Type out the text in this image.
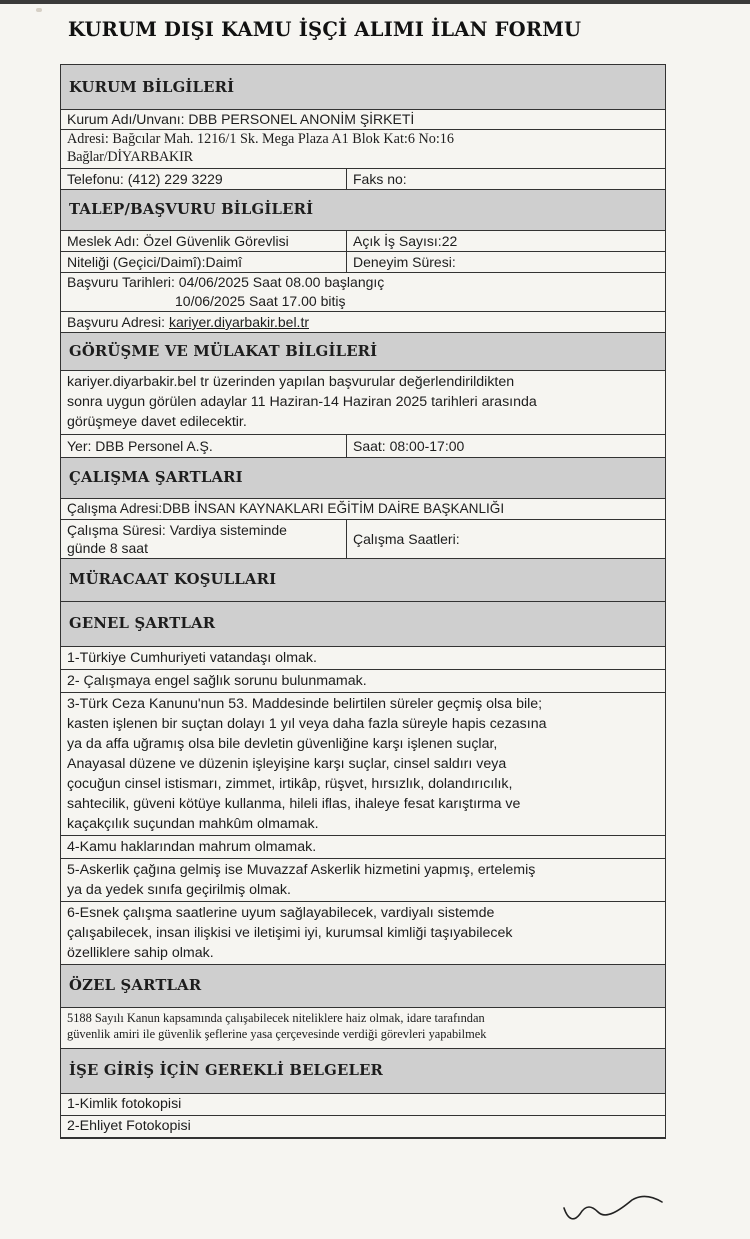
KURUM DIŞI KAMU İŞÇİ ALIMI İLAN FORMU
KURUM BİLGİLERİ
Kurum Adı/Unvanı: DBB PERSONEL ANONİM ŞİRKETİ
Adresi: Bağcılar Mah. 1216/1 Sk. Mega Plaza A1 Blok Kat:6 No:16
Bağlar/DİYARBAKIR
Telefonu: (412) 229 3229	Faks no:
TALEP/BAŞVURU BİLGİLERİ
Meslek Adı: Özel Güvenlik Görevlisi	Açık İş Sayısı:22
Niteliği (Geçici/Daimî):Daimî	Deneyim Süresi:
Başvuru Tarihleri: 04/06/2025 Saat 08.00 başlangıç
10/06/2025 Saat 17.00 bitiş
Başvuru Adresi: kariyer.diyarbakir.bel.tr
GÖRÜŞME VE MÜLAKAT BİLGİLERİ
kariyer.diyarbakir.bel tr üzerinden yapılan başvurular değerlendirildikten
sonra uygun görülen adaylar 11 Haziran-14 Haziran 2025 tarihleri arasında
görüşmeye davet edilecektir.
Yer: DBB Personel A.Ş.	Saat: 08:00-17:00
ÇALIŞMA ŞARTLARI
Çalışma Adresi:DBB İNSAN KAYNAKLARI EĞİTİM DAİRE BAŞKANLIĞI
Çalışma Süresi: Vardiya sisteminde
günde 8 saat
Çalışma Saatleri:
MÜRACAAT KOŞULLARI
GENEL ŞARTLAR
1-Türkiye Cumhuriyeti vatandaşı olmak.
2- Çalışmaya engel sağlık sorunu bulunmamak.
3-Türk Ceza Kanunu'nun 53. Maddesinde belirtilen süreler geçmiş olsa bile;
kasten işlenen bir suçtan dolayı 1 yıl veya daha fazla süreyle hapis cezasına
ya da affa uğramış olsa bile devletin güvenliğine karşı işlenen suçlar,
Anayasal düzene ve düzenin işleyişine karşı suçlar, cinsel saldırı veya
çocuğun cinsel istismarı, zimmet, irtikâp, rüşvet, hırsızlık, dolandırıcılık,
sahtecilik, güveni kötüye kullanma, hileli iflas, ihaleye fesat karıştırma ve
kaçakçılık suçundan mahkûm olmamak.
4-Kamu haklarından mahrum olmamak.
5-Askerlik çağına gelmiş ise Muvazzaf Askerlik hizmetini yapmış, ertelemiş
ya da yedek sınıfa geçirilmiş olmak.
6-Esnek çalışma saatlerine uyum sağlayabilecek, vardiyalı sistemde
çalışabilecek, insan ilişkisi ve iletişimi iyi, kurumsal kimliği taşıyabilecek
özelliklere sahip olmak.
ÖZEL ŞARTLAR
5188 Sayılı Kanun kapsamında çalışabilecek niteliklere haiz olmak, idare tarafından
güvenlik amiri ile güvenlik şeflerine yasa çerçevesinde verdiği görevleri yapabilmek
İŞE GİRİŞ İÇİN GEREKLİ BELGELER
1-Kimlik fotokopisi
2-Ehliyet Fotokopisi
